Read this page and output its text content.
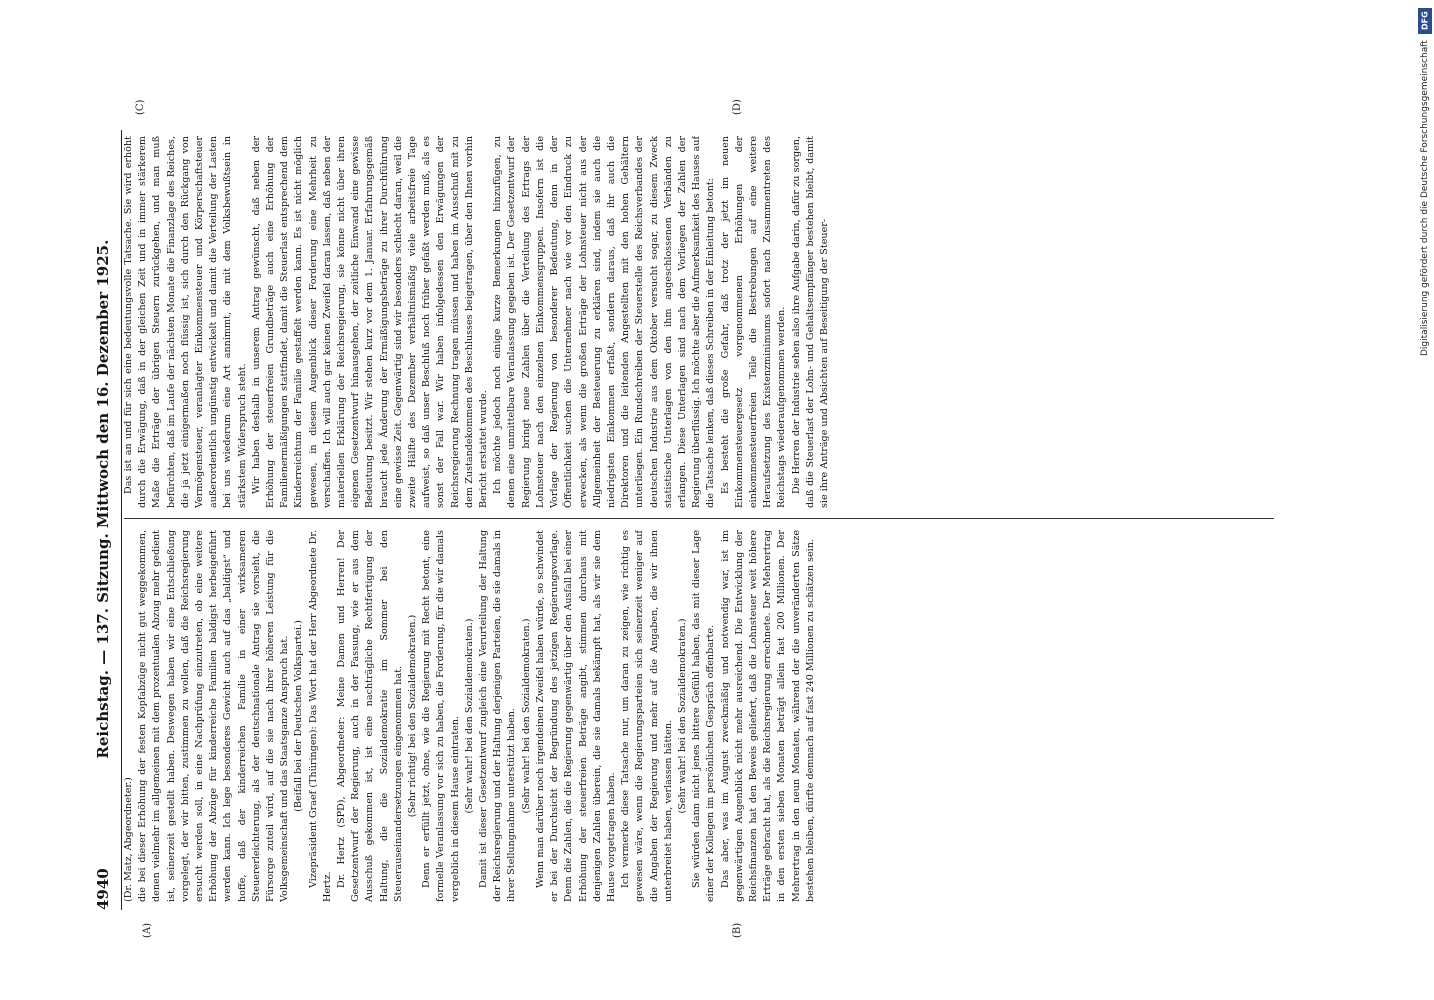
4940
Reichstag. — 137. Sitzung. Mittwoch den 16. Dezember 1925.
(A)	(B)
(C)	(D)

(Dr. Matz, Abgeordneter.) die bei dieser Erhöhung der festen Kopfabzüge nicht gut weggekommen, denen vielmehr im allgemeinen mit dem prozentualen Abzug mehr gedient ist, seinerzeit gestellt haben. Deswegen haben wir eine Entschließung vorgelegt, der wir bitten, zustimmen zu wollen, daß die Reichsregierung ersucht werden soll, in eine Nachprüfung einzutreten, ob eine weitere Erhöhung der Abzüge für kinderreiche Familien baldigst herbeigeführt werden kann. Ich lege besonderes Gewicht auch auf das „baldigst“ und hoffe, daß der kinderreichen Familie in einer wirksameren Steuererleichterung, als der deutschnationale Antrag sie vorsieht, die Fürsorge zuteil wird, auf die sie nach ihrer höheren Leistung für die Volksgemeinschaft und das Staatsganze Anspruch hat. (Beifall bei der Deutschen Volkspartei.) Vizepräsident Graef (Thüringen): Das Wort hat der Herr Abgeordnete Dr. Hertz. Dr. Hertz (SPD), Abgeordneter: Meine Damen und Herren! Der Gesetzentwurf der Regierung, auch in der Fassung, wie er aus dem Ausschuß gekommen ist, ist eine nachträgliche Rechtfertigung der Haltung, die die Sozialdemokratie im Sommer bei den Steuerauseinandersetzungen eingenommen hat. (Sehr richtig! bei den Sozialdemokraten.) Denn er erfüllt jetzt, ohne, wie die Regierung mit Recht betont, eine formelle Veranlassung vor sich zu haben, die Forderung, für die wir damals vergeblich in diesem Hause eintraten. (Sehr wahr! bei den Sozialdemokraten.) Damit ist dieser Gesetzentwurf zugleich eine Verurteilung der Haltung der Reichsregierung und der Haltung derjenigen Parteien, die sie damals in ihrer Stellungnahme unterstützt haben. (Sehr wahr! bei den Sozialdemokraten.) Wenn man darüber noch irgendeinen Zweifel haben würde, so schwindet er bei der Durchsicht der Begründung des jetzigen Regierungsvorlage. Denn die Zahlen, die die Regierung gegenwärtig über den Ausfall bei einer Erhöhung der steuerfreien Beträge angibt, stimmen durchaus mit denjenigen Zahlen überein, die sie damals bekämpft hat, als wir sie dem Hause vorgetragen haben. Ich vermerke diese Tatsache nur, um daran zu zeigen, wie richtig es gewesen wäre, wenn die Regierungsparteien sich seinerzeit weniger auf die Angaben der Regierung und mehr auf die Angaben, die wir ihnen unterbreitet haben, verlassen hätten. (Sehr wahr! bei den Sozialdemokraten.) Sie würden dann nicht jenes bittere Gefühl haben, das mit dieser Lage einer der Kollegen im persönlichen Gespräch offenbarte. Das aber, was im August zweckmäßig und notwendig war, ist im gegenwärtigen Augenblick nicht mehr ausreichend. Die Entwicklung der Reichsfinanzen hat den Beweis geliefert, daß die Lohnsteuer weit höhere Erträge gebracht hat, als die Reichsregierung errechnete. Der Mehrertrag in den ersten sieben Monaten beträgt allein fast 200 Millionen. Der Mehrertrag in den neun Monaten, während der die unveränderten Sätze bestehen bleiben, dürfte demnach auf fast 240 Millionen zu schätzen sein.

Das ist an und für sich eine bedeutungsvolle Tatsache. Sie wird erhöht durch die Erwägung, daß in der gleichen Zeit und in immer stärkerem Maße die Erträge der übrigen Steuern zurückgehen, und man muß befürchten, daß im Laufe der nächsten Monate die Finanzlage des Reiches, die ja jetzt einigermaßen noch flüssig ist, sich durch den Rückgang von Vermögensteuer, veranlagter Einkommensteuer und Körperschaftsteuer außerordentlich ungünstig entwickelt und damit die Verteilung der Lasten bei uns wiederum eine Art annimmt, die mit dem Volksbewußtsein in stärkstem Widerspruch steht. Wir haben deshalb in unserem Antrag gewünscht, daß neben der Erhöhung der steuerfreien Grundbeträge auch eine Erhöhung der Familienermäßigungen stattfindet, damit die Steuerlast entsprechend dem Kinderreichtum der Familie gestaffelt werden kann. Es ist nicht möglich gewesen, in diesem Augenblick dieser Forderung eine Mehrheit zu verschaffen. Ich will auch gar keinen Zweifel daran lassen, daß neben der materiellen Erklärung der Reichsregierung, sie könne nicht über ihren eigenen Gesetzentwurf hinausgehen, der zeitliche Einwand eine gewisse Bedeutung besitzt. Wir stehen kurz vor dem 1. Januar. Erfahrungsgemäß braucht jede Änderung der Ermäßigungsbeträge zu ihrer Durchführung eine gewisse Zeit. Gegenwärtig sind wir besonders schlecht daran, weil die zweite Hälfte des Dezember verhältnismäßig viele arbeitsfreie Tage aufweist, so daß unser Beschluß noch früher gefaßt werden muß, als es sonst der Fall war. Wir haben infolgedessen den Erwägungen der Reichsregierung Rechnung tragen müssen und haben im Ausschuß mit zu dem Zustandekommen des Beschlusses beigetragen, über den Ihnen vorhin Bericht erstattet wurde. Ich möchte jedoch noch einige kurze Bemerkungen hinzufügen, zu denen eine unmittelbare Veranlassung gegeben ist. Der Gesetzentwurf der Regierung bringt neue Zahlen über die Verteilung des Ertrags der Lohnsteuer nach den einzelnen Einkommensgruppen. Insofern ist die Vorlage der Regierung von besonderer Bedeutung, denn in der Öffentlichkeit suchen die Unternehmer nach wie vor den Eindruck zu erwecken, als wenn die großen Erträge der Lohnsteuer nicht aus der Allgemeinheit der Besteuerung zu erklären sind, indem sie auch die niedrigsten Einkommen erfaßt, sondern daraus, daß ihr auch die Direktoren und die leitenden Angestellten mit den hohen Gehältern unterliegen. Ein Rundschreiben der Steuerstelle des Reichsverbandes der deutschen Industrie aus dem Oktober versucht sogar, zu diesem Zweck statistische Unterlagen von den ihm angeschlossenen Verbänden zu erlangen. Diese Unterlagen sind nach dem Vorliegen der Zahlen der Regierung überflüssig. Ich möchte aber die Aufmerksamkeit des Hauses auf die Tatsache lenken, daß dieses Schreiben in der Einleitung betont: Es besteht die große Gefahr, daß trotz der jetzt im neuen Einkommensteuergesetz vorgenommenen Erhöhungen der einkommensteuerfreien Teile die Bestrebungen auf eine weitere Heraufsetzung des Existenzminimums sofort nach Zusammentreten des Reichstags wiederaufgenommen werden. Die Herren der Industrie sehen also ihre Aufgabe darin, dafür zu sorgen, daß die Steuerlast der Lohn- und Gehaltsempfänger bestehen bleibt, damit sie ihre Anträge und Absichten auf Beseitigung der Steuer-

DFG
Digitalisierung gefördert durch die Deutsche Forschungsgemeinschaft
